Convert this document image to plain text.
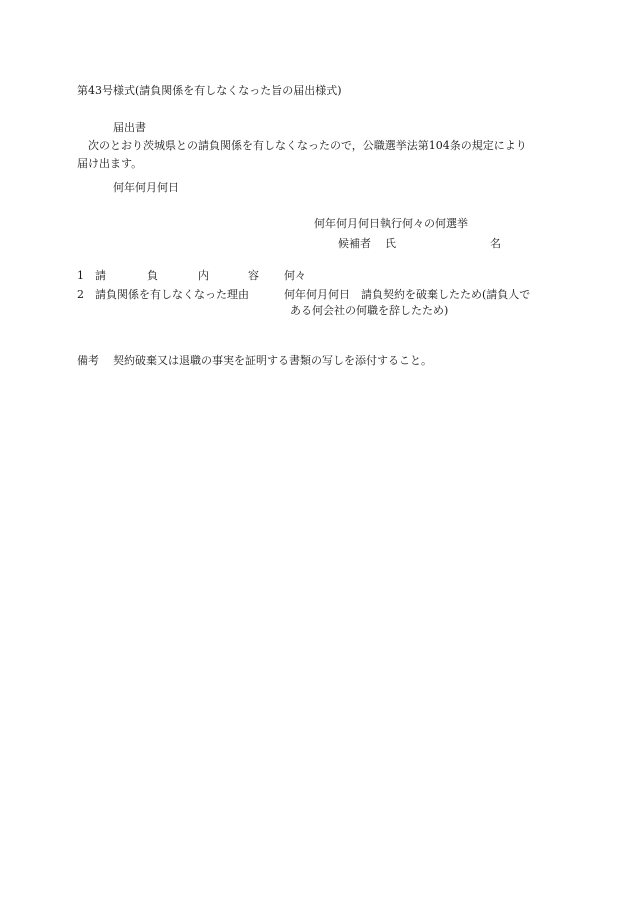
第43号様式(請負関係を有しなくなった旨の届出様式)
届出書
次のとおり茨城県との請負関係を有しなくなったので，公職選挙法第104条の規定により
届け出ます。
何年何月何日
何年何月何日執行何々の何選挙
候補者 氏	名
1 請	負	内	容 何々
2 請負関係を有しなくなった理由	何年何月何日　請負契約を破棄したため(請負人で
ある何会社の何職を辞したため)
備考 契約破棄又は退職の事実を証明する書類の写しを添付すること。
